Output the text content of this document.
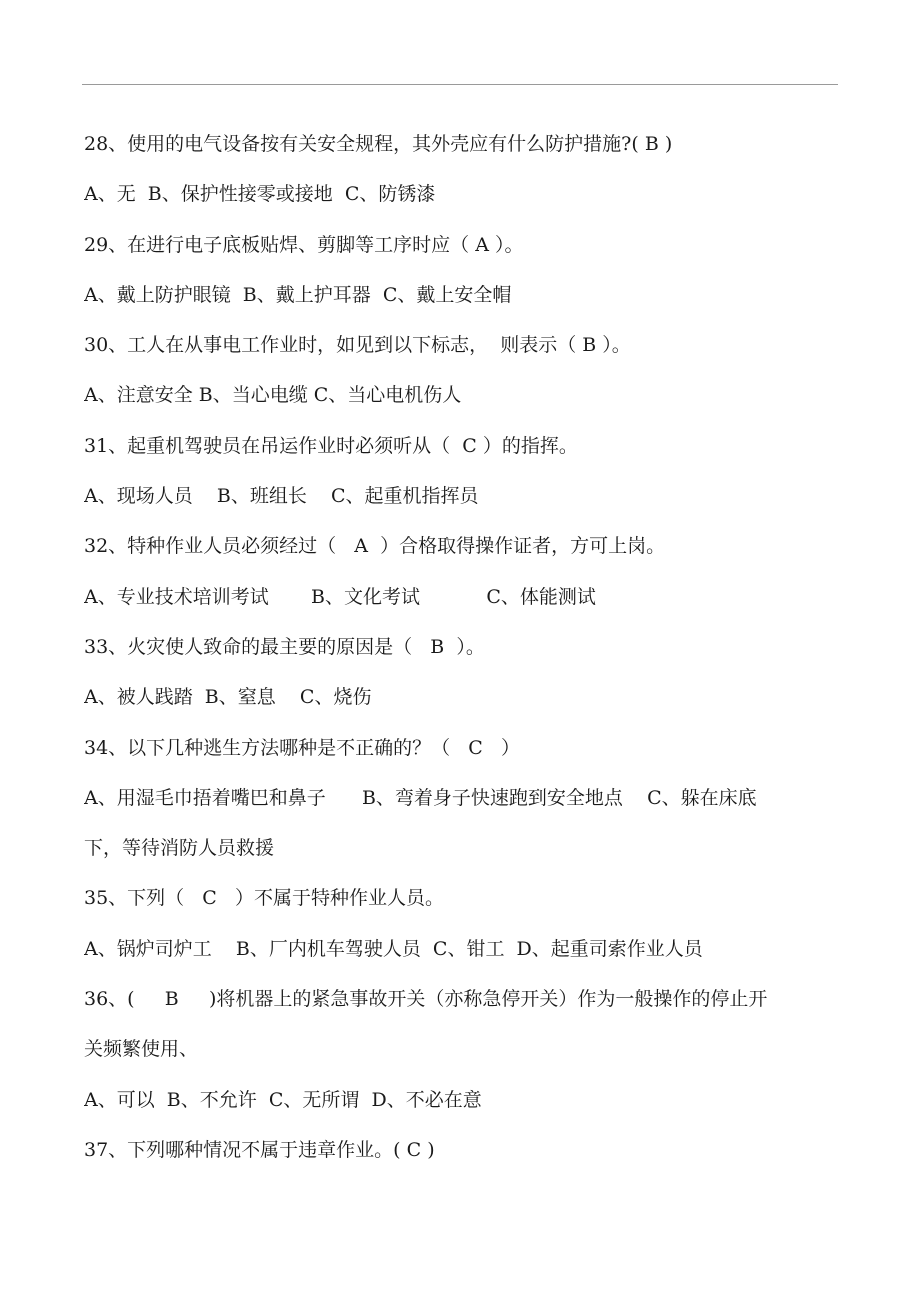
28、使用的电气设备按有关安全规程，其外壳应有什么防护措施?( B )
A、无  B、保护性接零或接地  C、防锈漆
29、在进行电子底板贴焊、剪脚等工序时应（ A ）。
A、戴上防护眼镜  B、戴上护耳器  C、戴上安全帽
30、工人在从事电工作业时，如见到以下标志，  则表示（ B ）。
A、注意安全 B、当心电缆 C、当心电机伤人
31、起重机驾驶员在吊运作业时必须听从（  C ）的指挥。
A、现场人员    B、班组长    C、起重机指挥员
32、特种作业人员必须经过（   A  ）合格取得操作证者，方可上岗。
A、专业技术培训考试       B、文化考试           C、体能测试
33、火灾使人致命的最主要的原因是（   B  ）。
A、被人践踏  B、窒息    C、烧伤
34、以下几种逃生方法哪种是不正确的？（   C   ）
A、用湿毛巾捂着嘴巴和鼻子      B、弯着身子快速跑到安全地点    C、躲在床底
下，等待消防人员救援
35、下列（   C   ）不属于特种作业人员。
A、锅炉司炉工    B、厂内机车驾驶人员  C、钳工  D、起重司索作业人员
36、(     B     )将机器上的紧急事故开关（亦称急停开关）作为一般操作的停止开
关频繁使用、
A、可以  B、不允许  C、无所谓  D、不必在意
37、下列哪种情况不属于违章作业。( C )
